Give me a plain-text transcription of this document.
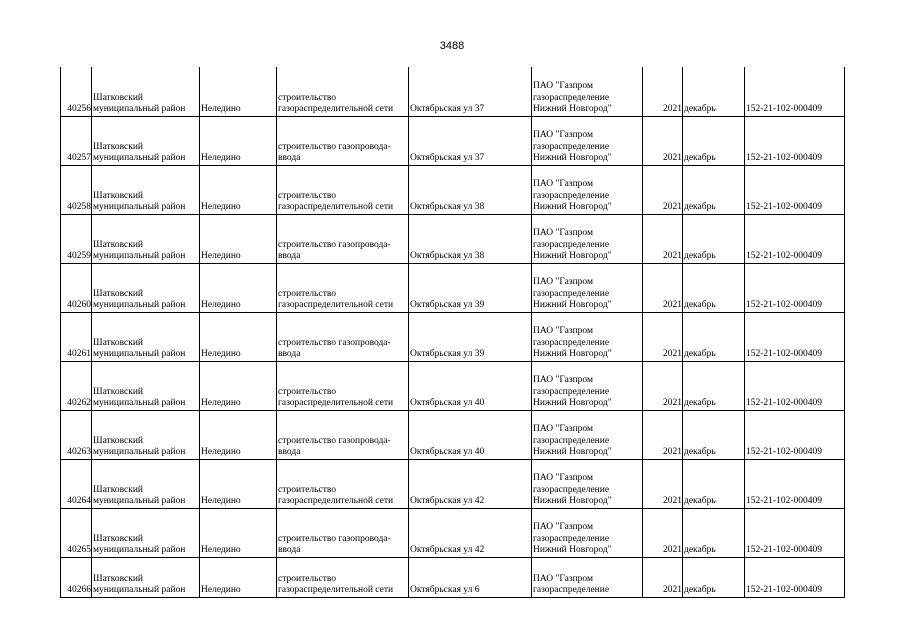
3488
40256	Шатковский муниципальный район	Неледино	строительство газораспределительной сети	Октябрьская ул 37	ПАО "Газпром газораспределение Нижний Новгород"	2021	декабрь	152-21-102-000409
40257	Шатковский муниципальный район	Неледино	строительство газопровода-ввода	Октябрьская ул 37	ПАО "Газпром газораспределение Нижний Новгород"	2021	декабрь	152-21-102-000409
40258	Шатковский муниципальный район	Неледино	строительство газораспределительной сети	Октябрьская ул 38	ПАО "Газпром газораспределение Нижний Новгород"	2021	декабрь	152-21-102-000409
40259	Шатковский муниципальный район	Неледино	строительство газопровода-ввода	Октябрьская ул 38	ПАО "Газпром газораспределение Нижний Новгород"	2021	декабрь	152-21-102-000409
40260	Шатковский муниципальный район	Неледино	строительство газораспределительной сети	Октябрьская ул 39	ПАО "Газпром газораспределение Нижний Новгород"	2021	декабрь	152-21-102-000409
40261	Шатковский муниципальный район	Неледино	строительство газопровода-ввода	Октябрьская ул 39	ПАО "Газпром газораспределение Нижний Новгород"	2021	декабрь	152-21-102-000409
40262	Шатковский муниципальный район	Неледино	строительство газораспределительной сети	Октябрьская ул 40	ПАО "Газпром газораспределение Нижний Новгород"	2021	декабрь	152-21-102-000409
40263	Шатковский муниципальный район	Неледино	строительство газопровода-ввода	Октябрьская ул 40	ПАО "Газпром газораспределение Нижний Новгород"	2021	декабрь	152-21-102-000409
40264	Шатковский муниципальный район	Неледино	строительство газораспределительной сети	Октябрьская ул 42	ПАО "Газпром газораспределение Нижний Новгород"	2021	декабрь	152-21-102-000409
40265	Шатковский муниципальный район	Неледино	строительство газопровода-ввода	Октябрьская ул 42	ПАО "Газпром газораспределение Нижний Новгород"	2021	декабрь	152-21-102-000409
40266	Шатковский муниципальный район	Неледино	строительство газораспределительной сети	Октябрьская ул 6	ПАО "Газпром газораспределение	2021	декабрь	152-21-102-000409
